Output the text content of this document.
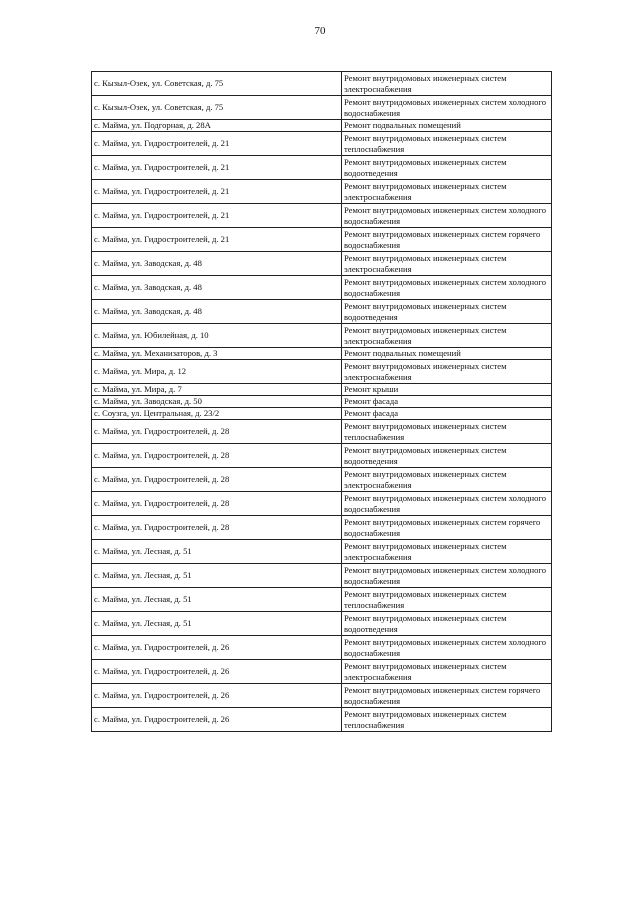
70
с. Кызыл-Озек, ул. Советская, д. 75	Ремонт внутридомовых инженерных систем электроснабжения
с. Кызыл-Озек, ул. Советская, д. 75	Ремонт внутридомовых инженерных систем холодного водоснабжения
с. Майма, ул. Подгорная, д. 28А	Ремонт подвальных помещений
с. Майма, ул. Гидростроителей, д. 21	Ремонт внутридомовых инженерных систем теплоснабжения
с. Майма, ул. Гидростроителей, д. 21	Ремонт внутридомовых инженерных систем водоотведения
с. Майма, ул. Гидростроителей, д. 21	Ремонт внутридомовых инженерных систем электроснабжения
с. Майма, ул. Гидростроителей, д. 21	Ремонт внутридомовых инженерных систем холодного водоснабжения
с. Майма, ул. Гидростроителей, д. 21	Ремонт внутридомовых инженерных систем горячего водоснабжения
с. Майма, ул. Заводская, д. 48	Ремонт внутридомовых инженерных систем электроснабжения
с. Майма, ул. Заводская, д. 48	Ремонт внутридомовых инженерных систем холодного водоснабжения
с. Майма, ул. Заводская, д. 48	Ремонт внутридомовых инженерных систем водоотведения
с. Майма, ул. Юбилейная, д. 10	Ремонт внутридомовых инженерных систем электроснабжения
с. Майма, ул. Механизаторов, д. 3	Ремонт подвальных помещений
с. Майма, ул. Мира, д. 12	Ремонт внутридомовых инженерных систем электроснабжения
с. Майма, ул. Мира, д. 7	Ремонт крыши
с. Майма, ул. Заводская, д. 50	Ремонт фасада
с. Соузга, ул. Центральная, д. 23/2	Ремонт фасада
с. Майма, ул. Гидростроителей, д. 28	Ремонт внутридомовых инженерных систем теплоснабжения
с. Майма, ул. Гидростроителей, д. 28	Ремонт внутридомовых инженерных систем водоотведения
с. Майма, ул. Гидростроителей, д. 28	Ремонт внутридомовых инженерных систем электроснабжения
с. Майма, ул. Гидростроителей, д. 28	Ремонт внутридомовых инженерных систем холодного водоснабжения
с. Майма, ул. Гидростроителей, д. 28	Ремонт внутридомовых инженерных систем горячего водоснабжения
с. Майма, ул. Лесная, д. 51	Ремонт внутридомовых инженерных систем электроснабжения
с. Майма, ул. Лесная, д. 51	Ремонт внутридомовых инженерных систем холодного водоснабжения
с. Майма, ул. Лесная, д. 51	Ремонт внутридомовых инженерных систем теплоснабжения
с. Майма, ул. Лесная, д. 51	Ремонт внутридомовых инженерных систем водоотведения
с. Майма, ул. Гидростроителей, д. 26	Ремонт внутридомовых инженерных систем холодного водоснабжения
с. Майма, ул. Гидростроителей, д. 26	Ремонт внутридомовых инженерных систем электроснабжения
с. Майма, ул. Гидростроителей, д. 26	Ремонт внутридомовых инженерных систем горячего водоснабжения
с. Майма, ул. Гидростроителей, д. 26	Ремонт внутридомовых инженерных систем теплоснабжения
